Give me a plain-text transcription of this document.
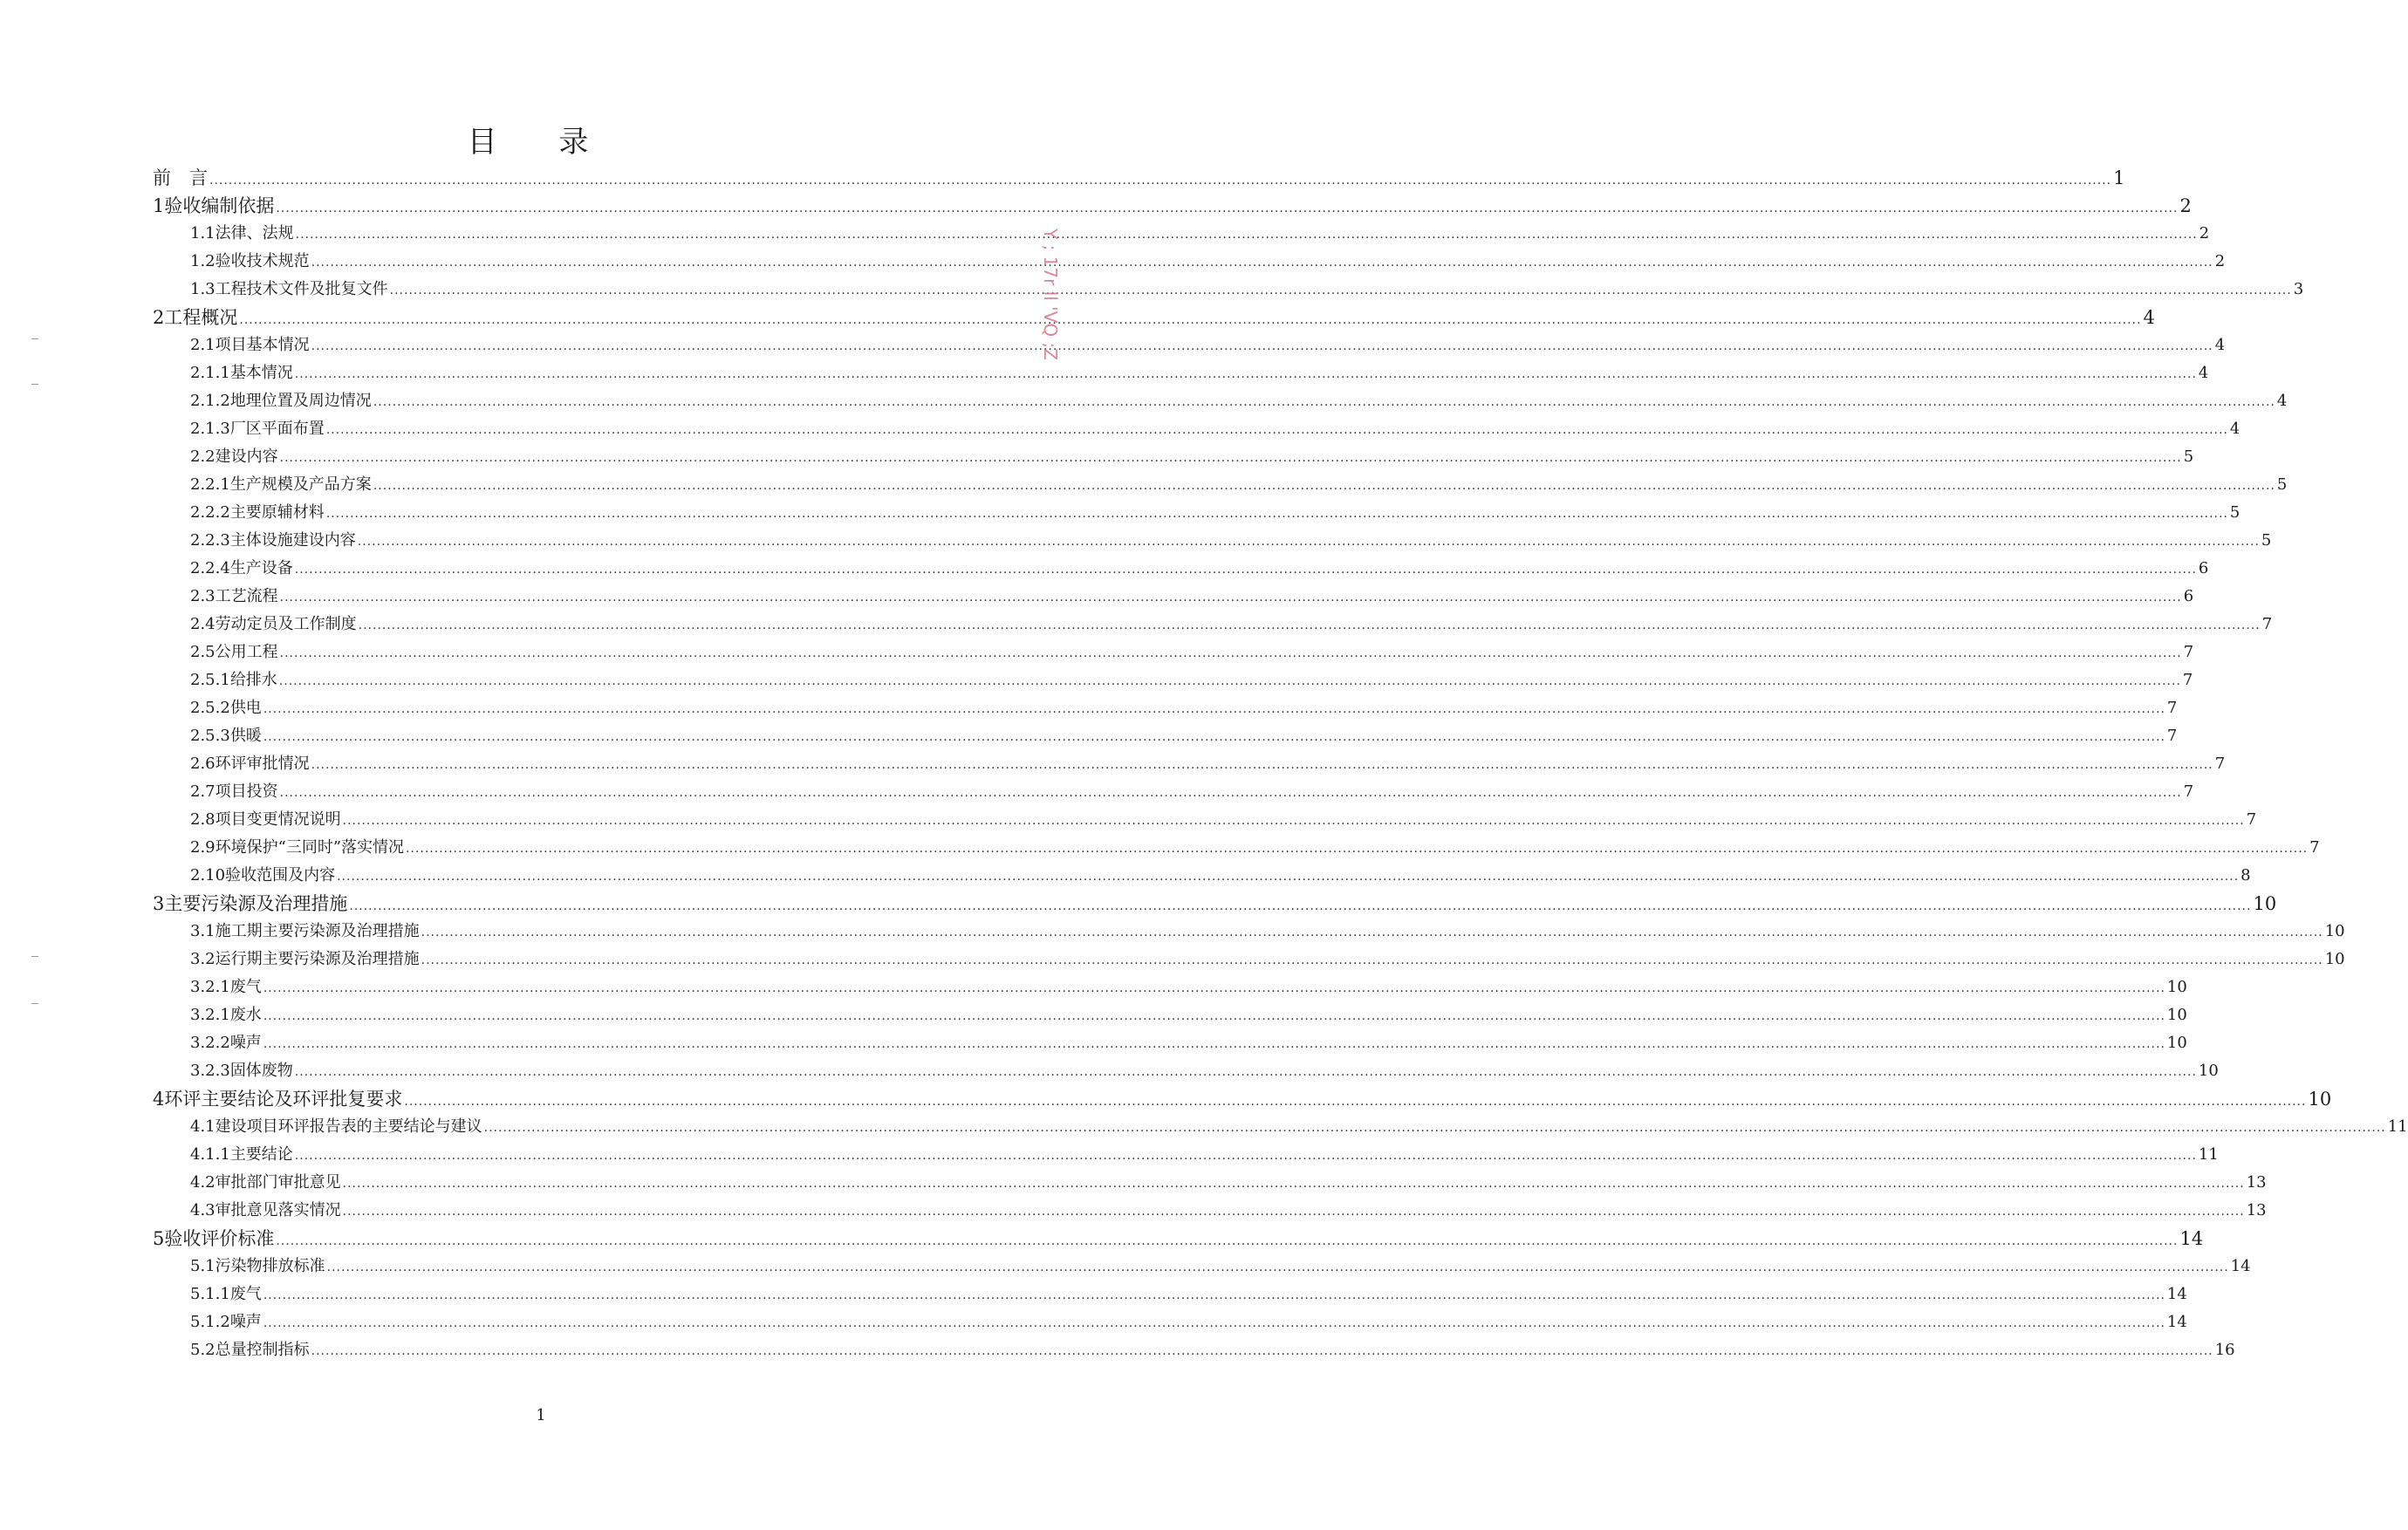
目 录
前　言 ................................................................................................................................................................................................................................................................................................................................................................................................................ 1
1 验收编制依据 ................................................................................................................................................................................................................................................................................................................................................................................................................ 2
1.1 法律、法规 ................................................................................................................................................................................................................................................................................................................................................................................................................ 2
1.2 验收技术规范 ................................................................................................................................................................................................................................................................................................................................................................................................................ 2
1.3 工程技术文件及批复文件 ................................................................................................................................................................................................................................................................................................................................................................................................................ 3
2 工程概况 ................................................................................................................................................................................................................................................................................................................................................................................................................ 4
2.1 项目基本情况 ................................................................................................................................................................................................................................................................................................................................................................................................................ 4
2.1.1 基本情况 ................................................................................................................................................................................................................................................................................................................................................................................................................ 4
2.1.2 地理位置及周边情况 ................................................................................................................................................................................................................................................................................................................................................................................................................ 4
2.1.3 厂区平面布置 ................................................................................................................................................................................................................................................................................................................................................................................................................ 4
2.2 建设内容 ................................................................................................................................................................................................................................................................................................................................................................................................................ 5
2.2.1 生产规模及产品方案 ................................................................................................................................................................................................................................................................................................................................................................................................................ 5
2.2.2 主要原辅材料 ................................................................................................................................................................................................................................................................................................................................................................................................................ 5
2.2.3 主体设施建设内容 ................................................................................................................................................................................................................................................................................................................................................................................................................ 5
2.2.4 生产设备 ................................................................................................................................................................................................................................................................................................................................................................................................................ 6
2.3 工艺流程 ................................................................................................................................................................................................................................................................................................................................................................................................................ 6
2.4 劳动定员及工作制度 ................................................................................................................................................................................................................................................................................................................................................................................................................ 7
2.5 公用工程 ................................................................................................................................................................................................................................................................................................................................................................................................................ 7
2.5.1 给排水 ................................................................................................................................................................................................................................................................................................................................................................................................................ 7
2.5.2 供电 ................................................................................................................................................................................................................................................................................................................................................................................................................ 7
2.5.3 供暖 ................................................................................................................................................................................................................................................................................................................................................................................................................ 7
2.6 环评审批情况 ................................................................................................................................................................................................................................................................................................................................................................................................................ 7
2.7 项目投资 ................................................................................................................................................................................................................................................................................................................................................................................................................ 7
2.8 项目变更情况说明 ................................................................................................................................................................................................................................................................................................................................................................................................................ 7
2.9 环境保护“三同时”落实情况 ................................................................................................................................................................................................................................................................................................................................................................................................................ 7
2.10 验收范围及内容 ................................................................................................................................................................................................................................................................................................................................................................................................................ 8
3 主要污染源及治理措施 ................................................................................................................................................................................................................................................................................................................................................................................................................ 10
3.1 施工期主要污染源及治理措施 ................................................................................................................................................................................................................................................................................................................................................................................................................ 10
3.2 运行期主要污染源及治理措施 ................................................................................................................................................................................................................................................................................................................................................................................................................ 10
3.2.1 废气 ................................................................................................................................................................................................................................................................................................................................................................................................................ 10
3.2.1 废水 ................................................................................................................................................................................................................................................................................................................................................................................................................ 10
3.2.2 噪声 ................................................................................................................................................................................................................................................................................................................................................................................................................ 10
3.2.3 固体废物 ................................................................................................................................................................................................................................................................................................................................................................................................................ 10
4 环评主要结论及环评批复要求 ................................................................................................................................................................................................................................................................................................................................................................................................................ 10
4.1 建设项目环评报告表的主要结论与建议 ................................................................................................................................................................................................................................................................................................................................................................................................................ 11
4.1.1 主要结论 ................................................................................................................................................................................................................................................................................................................................................................................................................ 11
4.2 审批部门审批意见 ................................................................................................................................................................................................................................................................................................................................................................................................................ 13
4.3 审批意见落实情况 ................................................................................................................................................................................................................................................................................................................................................................................................................ 13
5 验收评价标准 ................................................................................................................................................................................................................................................................................................................................................................................................................ 14
5.1 污染物排放标准 ................................................................................................................................................................................................................................................................................................................................................................................................................ 14
5.1.1 废气 ................................................................................................................................................................................................................................................................................................................................................................................................................ 14
5.1.2 噪声 ................................................................................................................................................................................................................................................................................................................................................................................................................ 14
5.2 总量控制指标 ................................................................................................................................................................................................................................................................................................................................................................................................................ 16
1
Y ; 17r ll 'VQ ;Z
